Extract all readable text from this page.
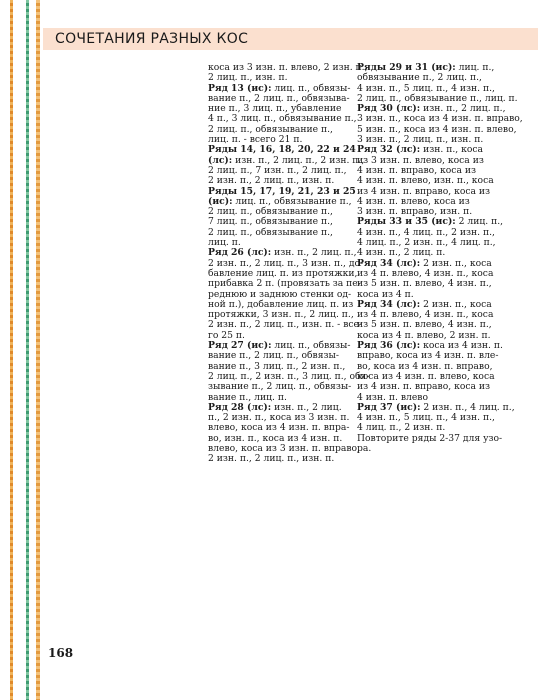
СОЧЕТАНИЯ РАЗНЫХ КОС
коса из 3 изн. п. влево, 2 изн. п.,
2 лиц. п., изн. п.
Ряд 13 (ис): лиц. п., обвязы-
вание п., 2 лиц. п., обвязыва-
ние п., 3 лиц. п., убавление
4 п., 3 лиц. п., обвязывание п.,
2 лиц. п., обвязывание п.,
лиц. п. - всего 21 п.
Ряды 14, 16, 18, 20, 22 и 24
(лс): изн. п., 2 лиц. п., 2 изн. п.,
2 лиц. п., 7 изн. п., 2 лиц. п.,
2 изн. п., 2 лиц. п., изн. п.
Ряды 15, 17, 19, 21, 23 и 25
(ис): лиц. п., обвязывание п.,
2 лиц. п., обвязывание п.,
7 лиц. п., обвязывание п.,
2 лиц. п., обвязывание п.,
лиц. п.
Ряд 26 (лс): изн. п., 2 лиц. п.,
2 изн. п., 2 лиц. п., 3 изн. п., до-
бавление лиц. п. из протяжки,
прибавка 2 п. (провязать за пе-
реднюю и заднюю стенки од-
ной п.), добавление лиц. п. из
протяжки, 3 изн. п., 2 лиц. п.,
2 изн. п., 2 лиц. п., изн. п. - все-
го 25 п.
Ряд 27 (ис): лиц. п., обвязы-
вание п., 2 лиц. п., обвязы-
вание п., 3 лиц. п., 2 изн. п.,
2 лиц. п., 2 изн. п., 3 лиц. п., обя-
зывание п., 2 лиц. п., обвязы-
вание п., лиц. п.
Ряд 28 (лс): изн. п., 2 лиц.
п., 2 изн. п., коса из 3 изн. п.
влево, коса из 4 изн. п. впра-
во, изн. п., коса из 4 изн. п.
влево, коса из 3 изн. п. вправо,
2 изн. п., 2 лиц. п., изн. п.
Ряды 29 и 31 (ис): лиц. п.,
обвязывание п., 2 лиц. п.,
4 изн. п., 5 лиц. п., 4 изн. п.,
2 лиц. п., обвязывание п., лиц. п.
Ряд 30 (лс): изн. п., 2 лиц. п.,
3 изн. п., коса из 4 изн. п. вправо,
5 изн. п., коса из 4 изн. п. влево,
3 изн. п., 2 лиц. п., изн. п.
Ряд 32 (лс): изн. п., коса
из 3 изн. п. влево, коса из
4 изн. п. вправо, коса из
4 изн. п. влево, изн. п., коса
из 4 изн. п. вправо, коса из
4 изн. п. влево, коса из
3 изн. п. вправо, изн. п.
Ряды 33 и 35 (ис): 2 лиц. п.,
4 изн. п., 4 лиц. п., 2 изн. п.,
4 лиц. п., 2 изн. п., 4 лиц. п.,
4 изн. п., 2 лиц. п.
Ряд 34 (лс): 2 изн. п., коса
из 4 п. влево, 4 изн. п., коса
из 5 изн. п. влево, 4 изн. п.,
коса из 4 п.
Ряд 34 (лс): 2 изн. п., коса
из 4 п. влево, 4 изн. п., коса
из 5 изн. п. влево, 4 изн. п.,
коса из 4 п. влево, 2 изн. п.
Ряд 36 (лс): коса из 4 изн. п.
вправо, коса из 4 изн. п. вле-
во, коса из 4 изн. п. вправо,
коса из 4 изн. п. влево, коса
из 4 изн. п. вправо, коса из
4 изн. п. влево
Ряд 37 (ис): 2 изн. п., 4 лиц. п.,
4 изн. п., 5 лиц. п., 4 изн. п.,
4 лиц. п., 2 изн. п.
Повторите ряды 2-37 для узо-
ра.
168
